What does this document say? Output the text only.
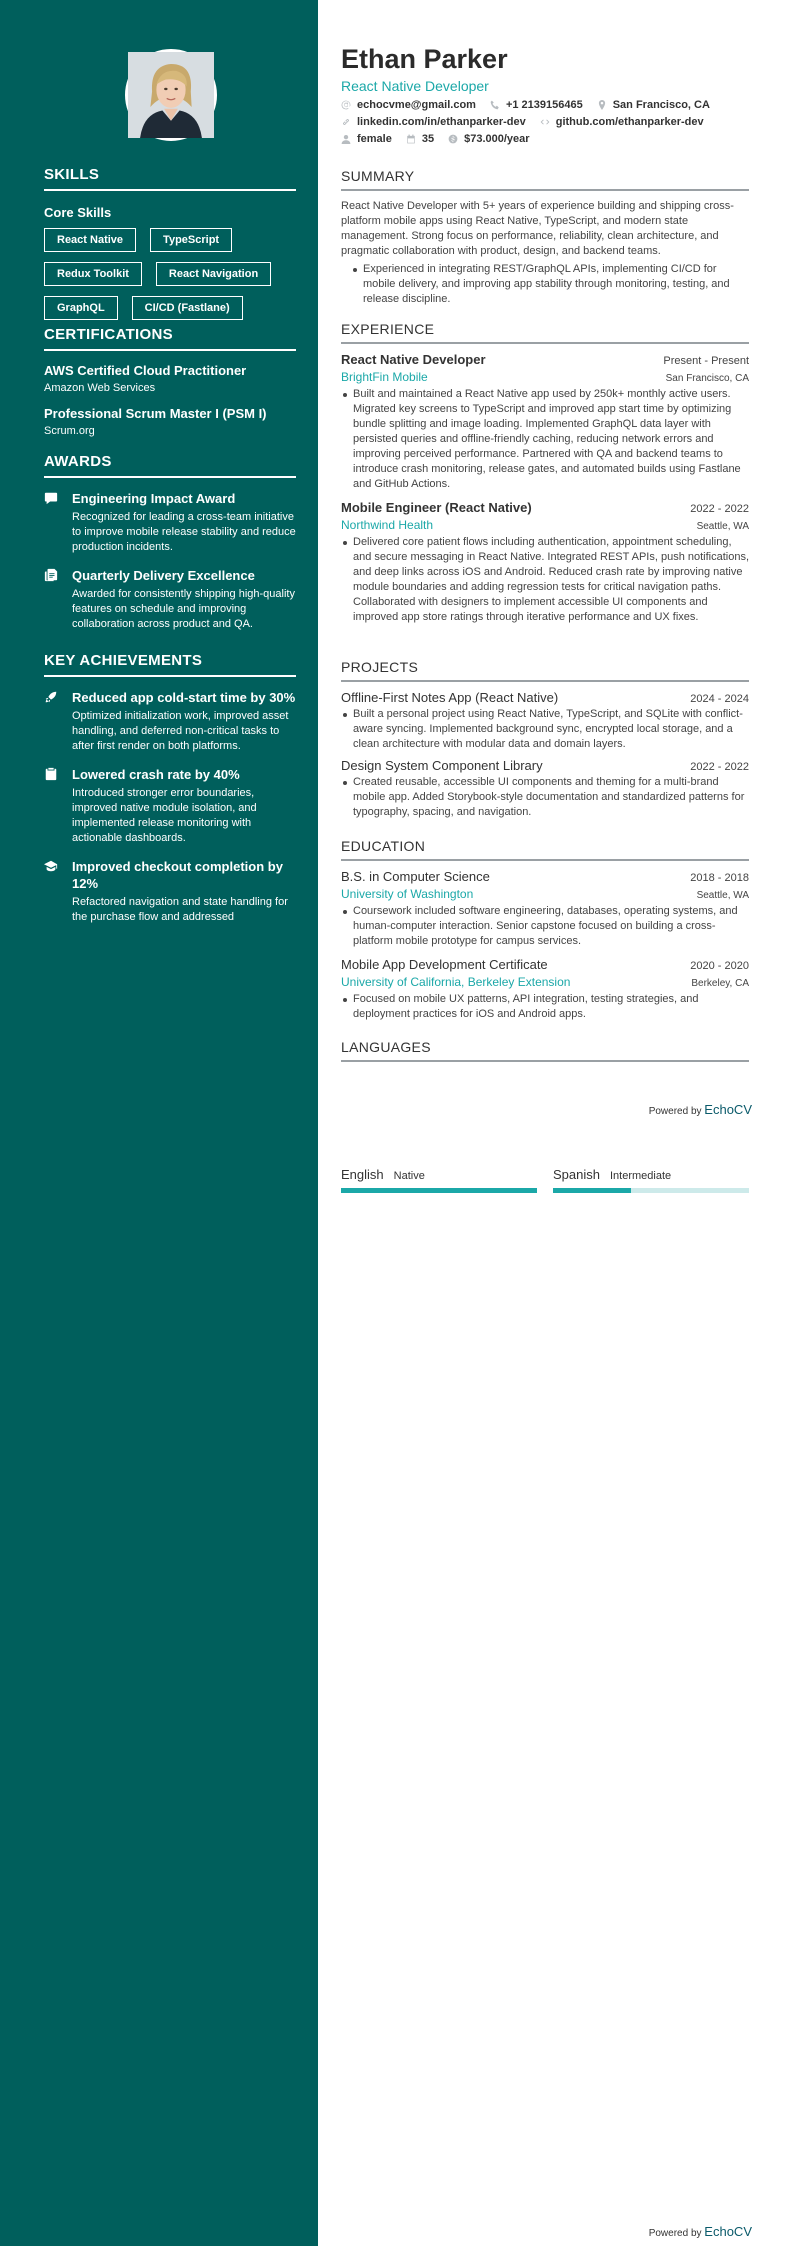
SKILLS
Core Skills
React Native	TypeScript
Redux Toolkit	React Navigation
GraphQL	CI/CD (Fastlane)
CERTIFICATIONS
AWS Certified Cloud Practitioner
Amazon Web Services
Professional Scrum Master I (PSM I)
Scrum.org
AWARDS
Engineering Impact Award
Recognized for leading a cross-team initiative to improve mobile release stability and reduce production incidents.
Quarterly Delivery Excellence
Awarded for consistently shipping high-quality features on schedule and improving collaboration across product and QA.
KEY ACHIEVEMENTS
Reduced app cold-start time by 30%
Optimized initialization work, improved asset handling, and deferred non-critical tasks to after first render on both platforms.
Lowered crash rate by 40%
Introduced stronger error boundaries, improved native module isolation, and implemented release monitoring with actionable dashboards.
Improved checkout completion by 12%
Refactored navigation and state handling for the purchase flow and addressed
Ethan Parker
React Native Developer
echocvme@gmail.com	+1 2139156465	San Francisco, CA
linkedin.com/in/ethanparker-dev	github.com/ethanparker-dev
female	35	$73.000/year
SUMMARY
React Native Developer with 5+ years of experience building and shipping cross-platform mobile apps using React Native, TypeScript, and modern state management. Strong focus on performance, reliability, clean architecture, and pragmatic collaboration with product, design, and backend teams.
Experienced in integrating REST/GraphQL APIs, implementing CI/CD for mobile delivery, and improving app stability through monitoring, testing, and release discipline.
EXPERIENCE
React Native Developer	Present - Present
BrightFin Mobile	San Francisco, CA
Built and maintained a React Native app used by 250k+ monthly active users. Migrated key screens to TypeScript and improved app start time by optimizing bundle splitting and image loading. Implemented GraphQL data layer with persisted queries and offline-friendly caching, reducing network errors and improving perceived performance. Partnered with QA and backend teams to introduce crash monitoring, release gates, and automated builds using Fastlane and GitHub Actions.
Mobile Engineer (React Native)	2022 - 2022
Northwind Health	Seattle, WA
Delivered core patient flows including authentication, appointment scheduling, and secure messaging in React Native. Integrated REST APIs, push notifications, and deep links across iOS and Android. Reduced crash rate by improving native module boundaries and adding regression tests for critical navigation paths. Collaborated with designers to implement accessible UI components and improved app store ratings through iterative performance and UX fixes.
PROJECTS
Offline-First Notes App (React Native)	2024 - 2024
Built a personal project using React Native, TypeScript, and SQLite with conflict-aware syncing. Implemented background sync, encrypted local storage, and a clean architecture with modular data and domain layers.
Design System Component Library	2022 - 2022
Created reusable, accessible UI components and theming for a multi-brand mobile app. Added Storybook-style documentation and standardized patterns for typography, spacing, and navigation.
EDUCATION
B.S. in Computer Science	2018 - 2018
University of Washington	Seattle, WA
Coursework included software engineering, databases, operating systems, and human-computer interaction. Senior capstone focused on building a cross-platform mobile prototype for campus services.
Mobile App Development Certificate	2020 - 2020
University of California, Berkeley Extension	Berkeley, CA
Focused on mobile UX patterns, API integration, testing strategies, and deployment practices for iOS and Android apps.
LANGUAGES
Powered by EchoCV
English Native	Spanish Intermediate
Powered by EchoCV
